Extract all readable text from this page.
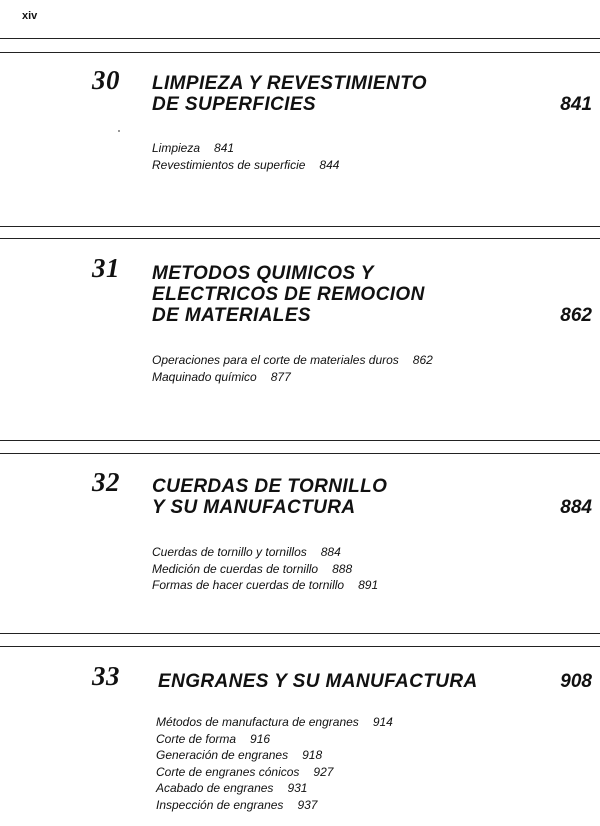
xiv
30 LIMPIEZA Y REVESTIMIENTO
DE SUPERFICIES	841
Limpieza 841
Revestimientos de superficie 844
31 METODOS QUIMICOS Y
ELECTRICOS DE REMOCION
DE MATERIALES	862
Operaciones para el corte de materiales duros 862
Maquinado químico 877
32 CUERDAS DE TORNILLO
Y SU MANUFACTURA	884
Cuerdas de tornillo y tornillos 884
Medición de cuerdas de tornillo 888
Formas de hacer cuerdas de tornillo 891
33 ENGRANES Y SU MANUFACTURA	908
Métodos de manufactura de engranes 914
Corte de forma 916
Generación de engranes 918
Corte de engranes cónicos 927
Acabado de engranes 931
Inspección de engranes 937
